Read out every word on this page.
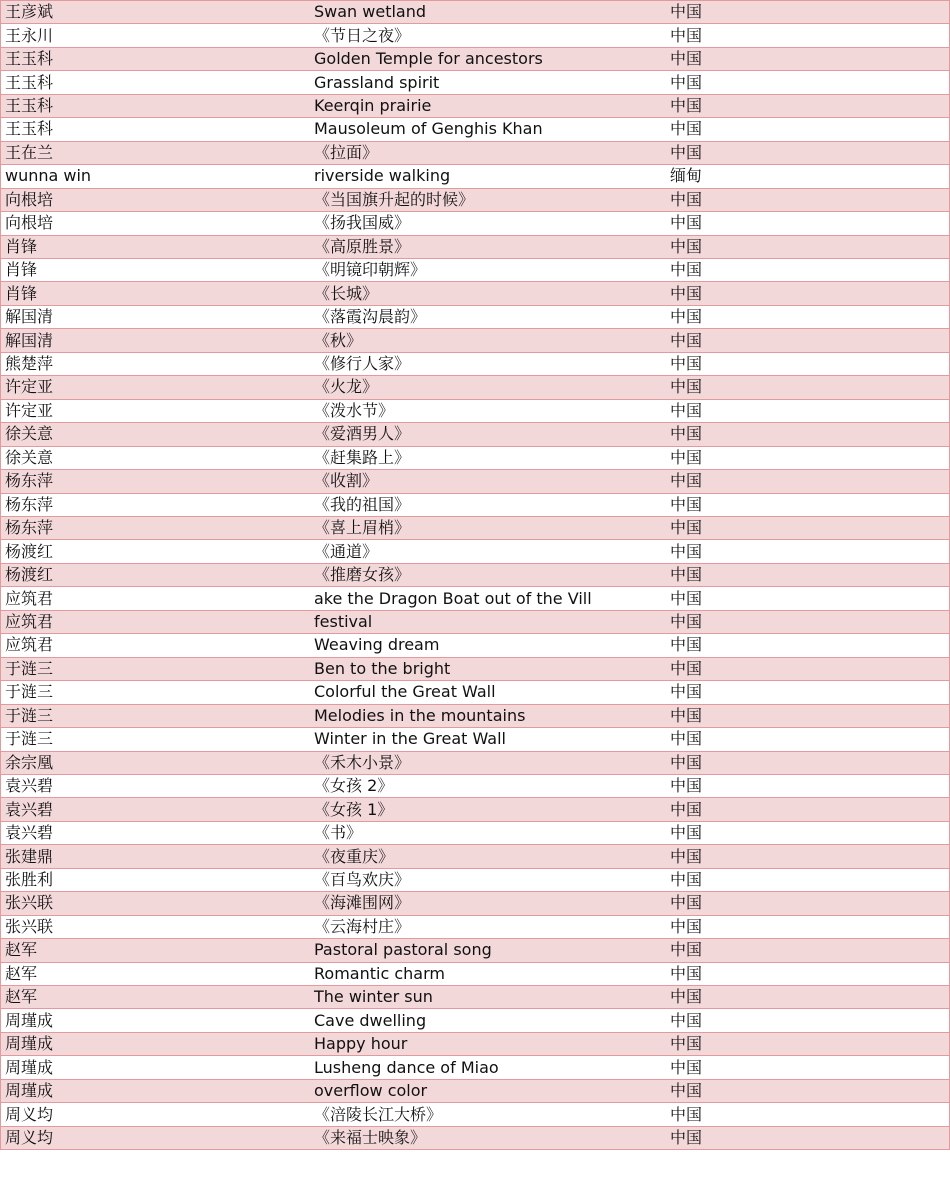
王彦斌	Swan wetland	中国
王永川	《节日之夜》	中国
王玉科	Golden Temple for ancestors	中国
王玉科	Grassland spirit	中国
王玉科	Keerqin prairie	中国
王玉科	Mausoleum of Genghis Khan	中国
王在兰	《拉面》	中国
wunna win	riverside walking	缅甸
向根培	《当国旗升起的时候》	中国
向根培	《扬我国威》	中国
肖锋	《高原胜景》	中国
肖锋	《明镜印朝辉》	中国
肖锋	《长城》	中国
解国清	《落霞沟晨韵》	中国
解国清	《秋》	中国
熊楚萍	《修行人家》	中国
许定亚	《火龙》	中国
许定亚	《泼水节》	中国
徐关意	《爱酒男人》	中国
徐关意	《赶集路上》	中国
杨东萍	《收割》	中国
杨东萍	《我的祖国》	中国
杨东萍	《喜上眉梢》	中国
杨渡红	《通道》	中国
杨渡红	《推磨女孩》	中国
应筑君	ake the Dragon Boat out of the Vill	中国
应筑君	festival	中国
应筑君	Weaving dream	中国
于涟三	Ben to the bright	中国
于涟三	Colorful the Great Wall	中国
于涟三	Melodies in the mountains	中国
于涟三	Winter in the Great Wall	中国
余宗凰	《禾木小景》	中国
袁兴碧	《女孩 2》	中国
袁兴碧	《女孩 1》	中国
袁兴碧	《书》	中国
张建鼎	《夜重庆》	中国
张胜利	《百鸟欢庆》	中国
张兴联	《海滩围网》	中国
张兴联	《云海村庄》	中国
赵军	Pastoral pastoral song	中国
赵军	Romantic charm	中国
赵军	The winter sun	中国
周瑾成	Cave dwelling	中国
周瑾成	Happy hour	中国
周瑾成	Lusheng dance of Miao	中国
周瑾成	overflow color	中国
周义均	《涪陵长江大桥》	中国
周义均	《来福士映象》	中国
